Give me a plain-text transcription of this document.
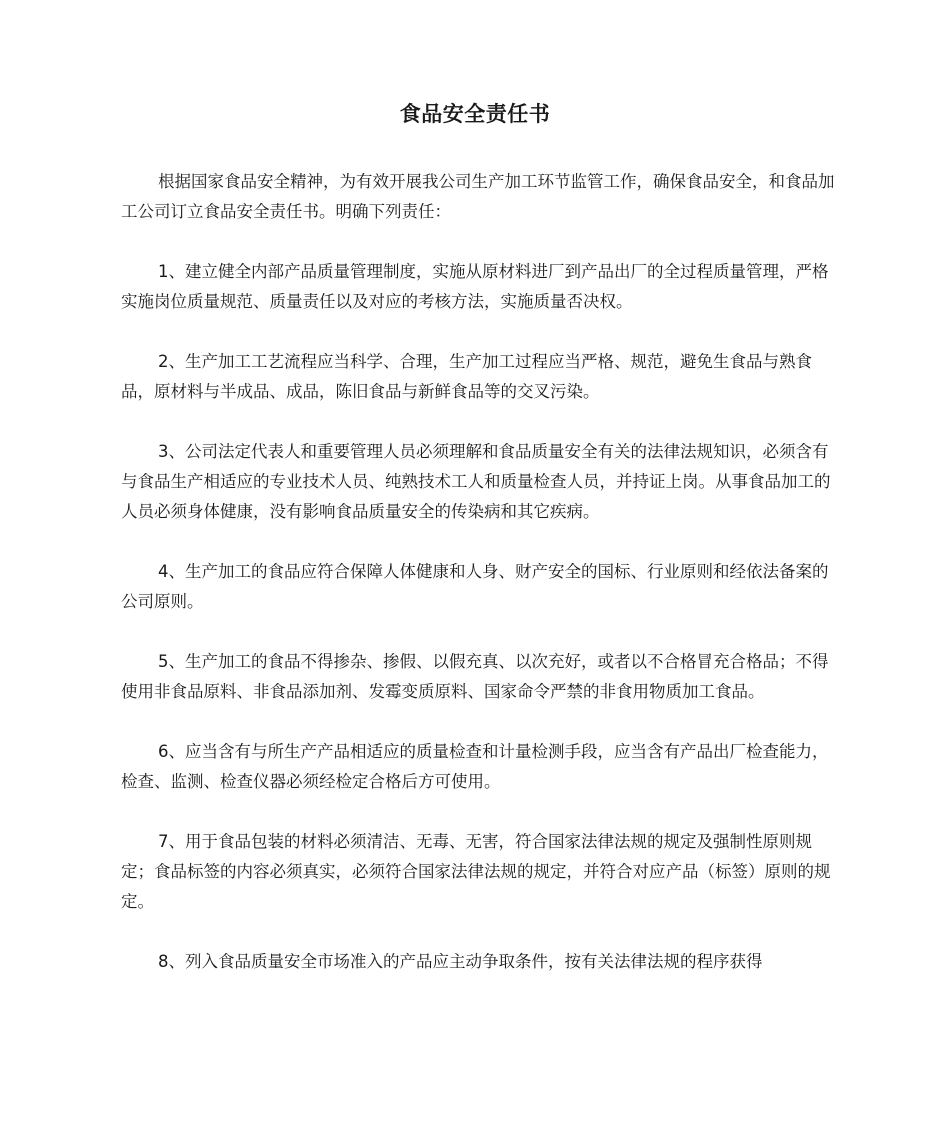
食品安全责任书

根据国家食品安全精神，为有效开展我公司生产加工环节监管工作，确保食品安全，和食品加工公司订立食品安全责任书。明确下列责任：

1、建立健全内部产品质量管理制度，实施从原材料进厂到产品出厂的全过程质量管理，严格实施岗位质量规范、质量责任以及对应的考核方法，实施质量否决权。

2、生产加工工艺流程应当科学、合理，生产加工过程应当严格、规范，避免生食品与熟食品，原材料与半成品、成品，陈旧食品与新鲜食品等的交叉污染。

3、公司法定代表人和重要管理人员必须理解和食品质量安全有关的法律法规知识，必须含有与食品生产相适应的专业技术人员、纯熟技术工人和质量检查人员，并持证上岗。从事食品加工的人员必须身体健康，没有影响食品质量安全的传染病和其它疾病。

4、生产加工的食品应符合保障人体健康和人身、财产安全的国标、行业原则和经依法备案的公司原则。

5、生产加工的食品不得掺杂、掺假、以假充真、以次充好，或者以不合格冒充合格品；不得使用非食品原料、非食品添加剂、发霉变质原料、国家命令严禁的非食用物质加工食品。

6、应当含有与所生产产品相适应的质量检查和计量检测手段，应当含有产品出厂检查能力，检查、监测、检查仪器必须经检定合格后方可使用。

7、用于食品包装的材料必须清洁、无毒、无害，符合国家法律法规的规定及强制性原则规定；食品标签的内容必须真实，必须符合国家法律法规的规定，并符合对应产品（标签）原则的规定。

8、列入食品质量安全市场准入的产品应主动争取条件，按有关法律法规的程序获得
